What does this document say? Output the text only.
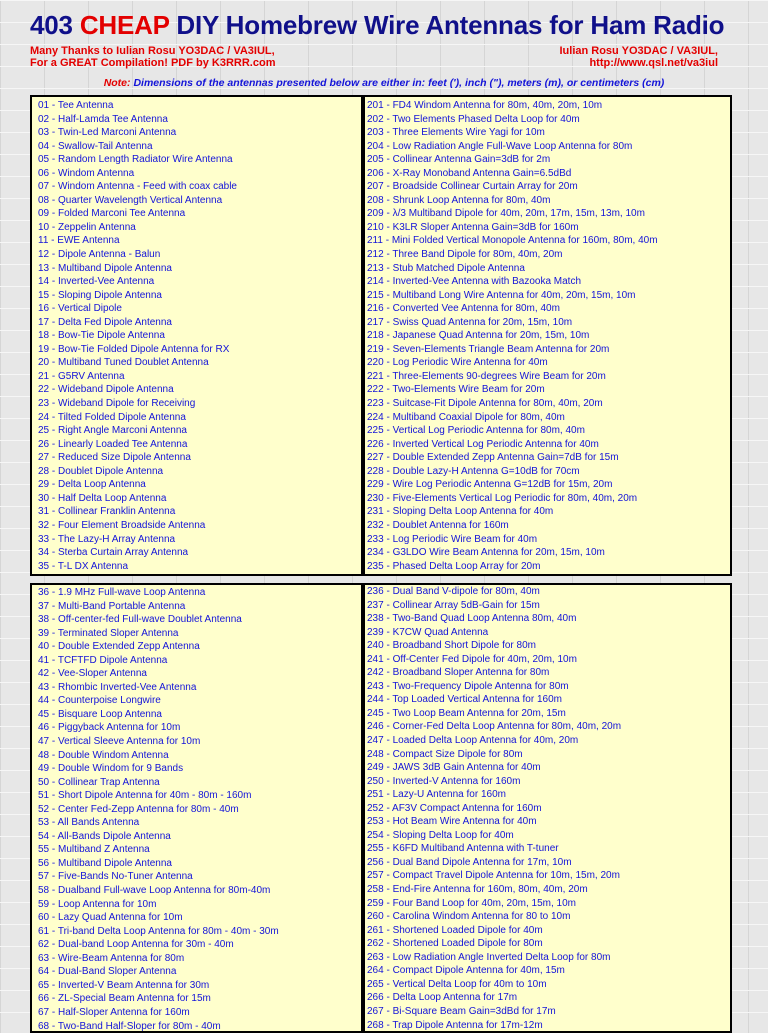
403 CHEAP DIY Homebrew Wire Antennas for Ham Radio
Many Thanks to Iulian Rosu YO3DAC / VA3IUL,
For a GREAT Compilation! PDF by K3RRR.com
Iulian Rosu YO3DAC / VA3IUL,
http://www.qsl.net/va3iul
Note: Dimensions of the antennas presented below are either in: feet ('), inch ("), meters (m), or centimeters (cm)
01 - Tee Antenna
02 - Half-Lamda Tee Antenna
03 - Twin-Led Marconi Antenna
04 - Swallow-Tail Antenna
05 - Random Length Radiator Wire Antenna
06 - Windom Antenna
07 - Windom Antenna - Feed with coax cable
08 - Quarter Wavelength Vertical Antenna
09 - Folded Marconi Tee Antenna
10 - Zeppelin Antenna
11 - EWE Antenna
12 - Dipole Antenna - Balun
13 - Multiband Dipole Antenna
14 - Inverted-Vee Antenna
15 - Sloping Dipole Antenna
16 - Vertical Dipole
17 - Delta Fed Dipole Antenna
18 - Bow-Tie Dipole Antenna
19 - Bow-Tie Folded Dipole Antenna for RX
20 - Multiband Tuned Doublet Antenna
21 - G5RV Antenna
22 - Wideband Dipole Antenna
23 - Wideband Dipole for Receiving
24 - Tilted Folded Dipole Antenna
25 - Right Angle Marconi Antenna
26 - Linearly Loaded Tee Antenna
27 - Reduced Size Dipole Antenna
28 - Doublet Dipole Antenna
29 - Delta Loop Antenna
30 - Half Delta Loop Antenna
31 - Collinear Franklin Antenna
32 - Four Element Broadside Antenna
33 - The Lazy-H Array Antenna
34 - Sterba Curtain Array Antenna
35 - T-L DX Antenna
201 - FD4 Windom Antenna for 80m, 40m, 20m, 10m
202 - Two Elements Phased Delta Loop for 40m
203 - Three Elements Wire Yagi for 10m
204 - Low Radiation Angle Full-Wave Loop Antenna for 80m
205 - Collinear Antenna Gain=3dB for 2m
206 - X-Ray Monoband Antenna Gain=6.5dBd
207 - Broadside Collinear Curtain Array for 20m
208 - Shrunk Loop Antenna for 80m, 40m
209 - λ/3 Multiband Dipole for 40m, 20m, 17m, 15m, 13m, 10m
210 - K3LR Sloper Antenna Gain=3dB for 160m
211 - Mini Folded Vertical Monopole Antenna for 160m, 80m, 40m
212 - Three Band Dipole for 80m, 40m, 20m
213 - Stub Matched Dipole Antenna
214 - Inverted-Vee Antenna with Bazooka Match
215 - Multiband Long Wire Antenna for 40m, 20m, 15m, 10m
216 - Converted Vee Antenna for 80m, 40m
217 - Swiss Quad Antenna for 20m, 15m, 10m
218 - Japanese Quad Antenna for 20m, 15m, 10m
219 - Seven-Elements Triangle Beam Antenna for 20m
220 - Log Periodic Wire Antenna for 40m
221 - Three-Elements 90-degrees Wire Beam for 20m
222 - Two-Elements Wire Beam for 20m
223 - Suitcase-Fit Dipole Antenna for 80m, 40m, 20m
224 - Multiband Coaxial Dipole for 80m, 40m
225 - Vertical Log Periodic Antenna for 80m, 40m
226 - Inverted Vertical Log Periodic Antenna for 40m
227 - Double Extended Zepp Antenna Gain=7dB for 15m
228 - Double Lazy-H Antenna G=10dB for 70cm
229 - Wire Log Periodic Antenna G=12dB for 15m, 20m
230 - Five-Elements Vertical Log Periodic for 80m, 40m, 20m
231 - Sloping Delta Loop Antenna for 40m
232 - Doublet Antenna for 160m
233 - Log Periodic Wire Beam for 40m
234 - G3LDO Wire Beam Antenna for 20m, 15m, 10m
235 - Phased Delta Loop Array for 20m
36 - 1.9 MHz Full-wave Loop Antenna
37 - Multi-Band Portable Antenna
38 - Off-center-fed Full-wave Doublet Antenna
39 - Terminated Sloper Antenna
40 - Double Extended Zepp Antenna
41 - TCFTFD Dipole Antenna
42 - Vee-Sloper Antenna
43 - Rhombic Inverted-Vee Antenna
44 - Counterpoise Longwire
45 - Bisquare Loop Antenna
46 - Piggyback Antenna for 10m
47 - Vertical Sleeve Antenna for 10m
48 - Double Windom Antenna
49 - Double Windom for 9 Bands
50 - Collinear Trap Antenna
51 - Short Dipole Antenna for 40m - 80m - 160m
52 - Center Fed-Zepp Antenna for 80m - 40m
53 - All Bands Antenna
54 - All-Bands Dipole Antenna
55 - Multiband Z Antenna
56 - Multiband Dipole Antenna
57 - Five-Bands No-Tuner Antenna
58 - Dualband Full-wave Loop Antenna for 80m-40m
59 - Loop Antenna for 10m
60 - Lazy Quad Antenna for 10m
61 - Tri-band Delta Loop Antenna for 80m - 40m - 30m
62 - Dual-band Loop Antenna for 30m - 40m
63 - Wire-Beam Antenna for 80m
64 - Dual-Band Sloper Antenna
65 - Inverted-V Beam Antenna for 30m
66 - ZL-Special Beam Antenna for 15m
67 - Half-Sloper Antenna for 160m
68 - Two-Band Half-Sloper for 80m - 40m
236 - Dual Band V-dipole for 80m, 40m
237 - Collinear Array 5dB-Gain for 15m
238 - Two-Band Quad Loop Antenna 80m, 40m
239 - K7CW Quad Antenna
240 - Broadband Short Dipole for 80m
241 - Off-Center Fed Dipole for 40m, 20m, 10m
242 - Broadband Sloper Antenna for 80m
243 - Two-Frequency Dipole Antenna for 80m
244 - Top Loaded Vertical Antenna for 160m
245 - Two Loop Beam Antenna for 20m, 15m
246 - Corner-Fed Delta Loop Antenna for 80m, 40m, 20m
247 - Loaded Delta Loop Antenna for 40m, 20m
248 - Compact Size Dipole for 80m
249 - JAWS 3dB Gain Antenna for 40m
250 - Inverted-V Antenna for 160m
251 - Lazy-U Antenna for 160m
252 - AF3V Compact Antenna for 160m
253 - Hot Beam Wire Antenna for 40m
254 - Sloping Delta Loop for 40m
255 - K6FD Multiband Antenna with T-tuner
256 - Dual Band Dipole Antenna for 17m, 10m
257 - Compact Travel Dipole Antenna for 10m, 15m, 20m
258 - End-Fire Antenna for 160m, 80m, 40m, 20m
259 - Four Band Loop for 40m, 20m, 15m, 10m
260 - Carolina Windom Antenna for 80 to 10m
261 - Shortened Loaded Dipole for 40m
262 - Shortened Loaded Dipole for 80m
263 - Low Radiation Angle Inverted Delta Loop for 80m
264 - Compact Dipole Antenna for 40m, 15m
265 - Vertical Delta Loop for 40m to 10m
266 - Delta Loop Antenna for 17m
267 - Bi-Square Beam Gain=3dBd for 17m
268 - Trap Dipole Antenna for 17m-12m
